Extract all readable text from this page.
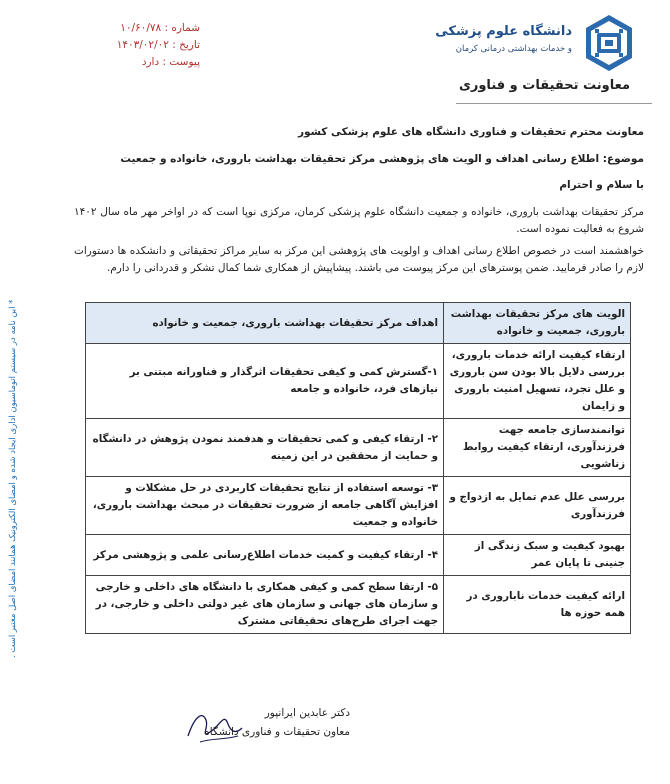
دانشگاه علوم پزشکی
و خدمات بهداشتی درمانی کرمان
شماره : ۱۰/۶۰/۷۸
تاریخ : ۱۴۰۳/۰۲/۰۲
پیوست : دارد
معاونت تحقیقات و فناوری
معاونت محترم تحقیقات و فناوری دانشگاه های علوم پزشکی کشور
موضوع: اطلاع رسانی اهداف و الویت های پژوهشی مرکز تحقیقات بهداشت باروری، خانواده و جمعیت
با سلام و احترام
مرکز تحقیقات بهداشت باروری، خانواده و جمعیت دانشگاه علوم پزشکی کرمان، مرکزی نوپا است که در اواخر مهر ماه سال ۱۴۰۲ شروع به فعالیت نموده است.
خواهشمند است در خصوص اطلاع رسانی اهداف و اولویت های پژوهشی این مرکز به سایر مراکز تحقیقاتی و دانشکده ها دستورات لازم را صادر فرمایید. ضمن پوسترهای این مرکز پیوست می باشند. پیشاپیش از همکاری شما کمال تشکر و قدردانی را دارم.
الویت های مرکز تحقیقات بهداشت باروری، جمعیت و خانواده	اهداف مرکز تحقیقات بهداشت باروری، جمعیت و خانواده
ارتقاء کیفیت ارائه خدمات باروری، بررسی دلایل بالا بودن سن باروری و علل تجرد، تسهیل امنیت باروری و زایمان	۱-گسترش کمی و کیفی تحقیقات اثرگذار و فناورانه مبتنی بر نیازهای فرد، خانواده و جامعه
توانمندسازی جامعه جهت فرزندآوری، ارتقاء کیفیت روابط زناشویی	۲- ارتقاء کیفی و کمی تحقیقات و هدفمند نمودن پژوهش در دانشگاه و حمایت از محققین در این زمینه
بررسی علل عدم تمایل به ازدواج و فرزندآوری	۳- توسعه استفاده از نتایج تحقیقات کاربردی در حل مشکلات و افزایش آگاهی جامعه از ضرورت تحقیقات در مبحث بهداشت باروری، خانواده و جمعیت
بهبود کیفیت و سبک زندگی از جنینی تا پایان عمر	۴- ارتقاء کیفیت و کمیت خدمات اطلاع‌رسانی علمی و پژوهشی مرکز
ارائه کیفیت خدمات ناباروری در همه حوزه ها	۵- ارتقا سطح کمی و کیفی همکاری با دانشگاه های داخلی و خارجی و سازمان های جهانی و سازمان های غیر دولتی داخلی و خارجی، در جهت اجرای طرح‌های تحقیقاتی مشترک
* این نامه در سیستم اتوماسیون اداری ایجاد شده و امضای الکترونیک همانند امضای اصل معتبر است .
دکتر عابدین ایرانپور
معاون تحقیقات و فناوری دانشگاه
